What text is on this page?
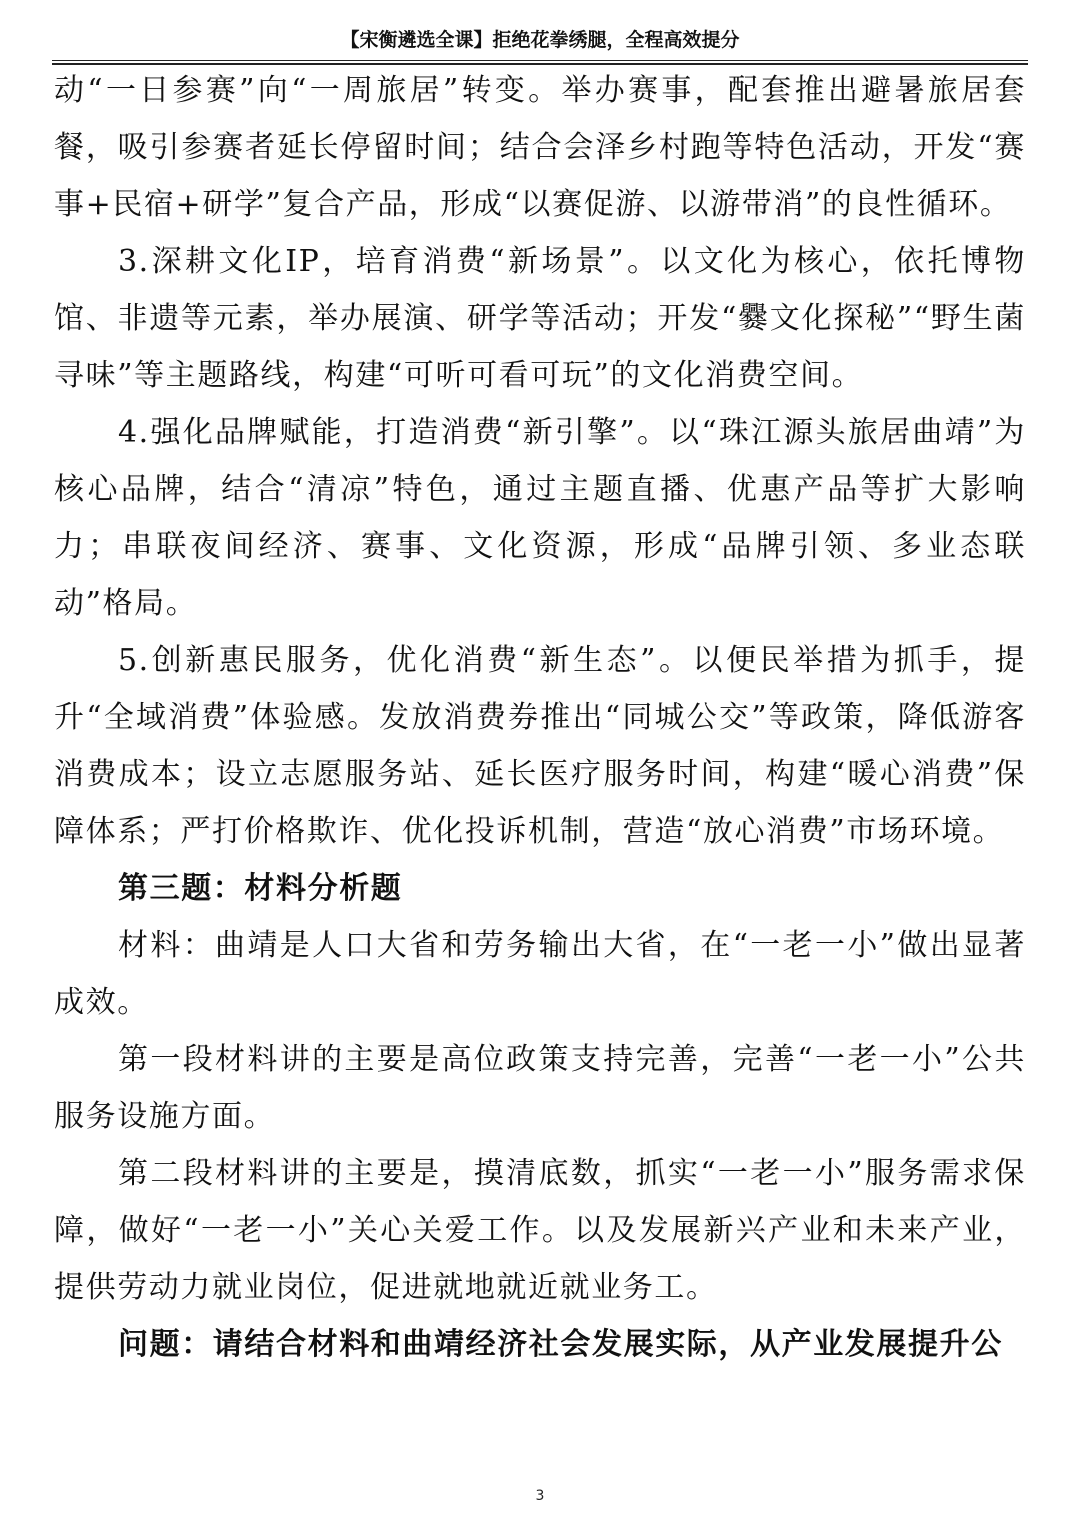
【宋衡遴选全课】拒绝花拳绣腿，全程高效提分

动“一日参赛”向“一周旅居”转变。举办赛事，配套推出避暑旅居套餐，吸引参赛者延长停留时间；结合会泽乡村跑等特色活动，开发“赛事+民宿+研学”复合产品，形成“以赛促游、以游带消”的良性循环。

3.深耕文化IP，培育消费“新场景”。以文化为核心，依托博物馆、非遗等元素，举办展演、研学等活动；开发“爨文化探秘”“野生菌寻味”等主题路线，构建“可听可看可玩”的文化消费空间。

4.强化品牌赋能，打造消费“新引擎”。以“珠江源头旅居曲靖”为核心品牌，结合“清凉”特色，通过主题直播、优惠产品等扩大影响力；串联夜间经济、赛事、文化资源，形成“品牌引领、多业态联动”格局。

5.创新惠民服务，优化消费“新生态”。以便民举措为抓手，提升“全域消费”体验感。发放消费券推出“同城公交”等政策，降低游客消费成本；设立志愿服务站、延长医疗服务时间，构建“暖心消费”保障体系；严打价格欺诈、优化投诉机制，营造“放心消费”市场环境。

第三题：材料分析题

材料：曲靖是人口大省和劳务输出大省，在“一老一小”做出显著成效。

第一段材料讲的主要是高位政策支持完善，完善“一老一小”公共服务设施方面。

第二段材料讲的主要是，摸清底数，抓实“一老一小”服务需求保障，做好“一老一小”关心关爱工作。以及发展新兴产业和未来产业，提供劳动力就业岗位，促进就地就近就业务工。

问题：请结合材料和曲靖经济社会发展实际，从产业发展提升公

3
